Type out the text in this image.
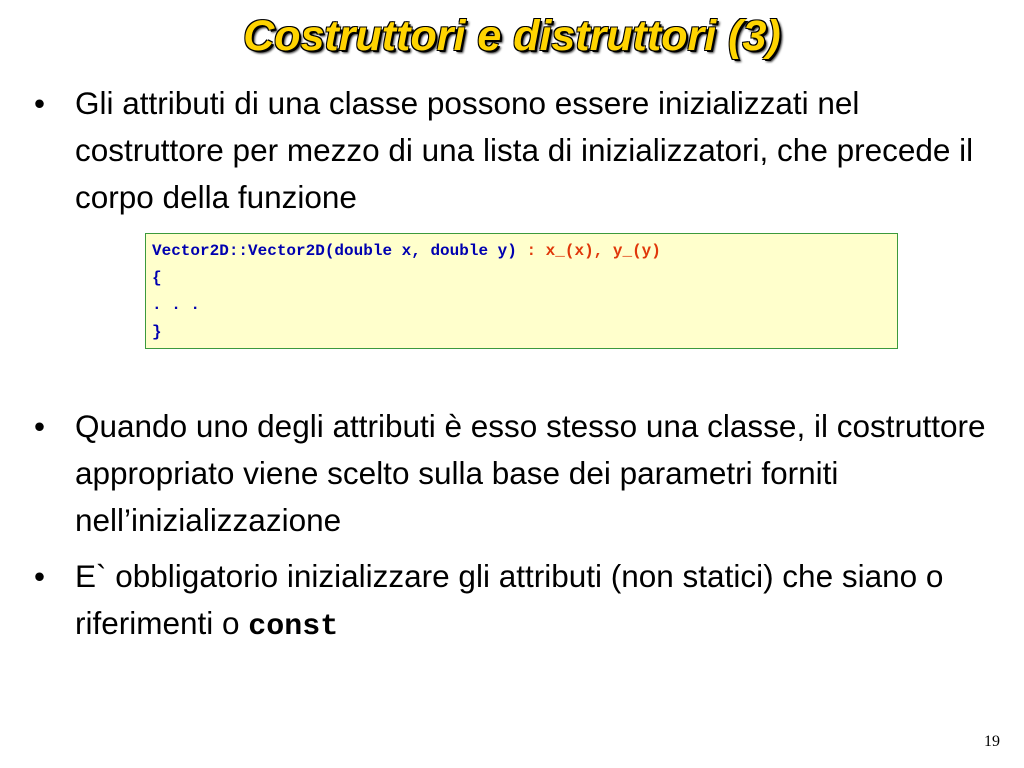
Costruttori e distruttori (3)
• Gli attributi di una classe possono essere inizializzati nel costruttore per mezzo di una lista di inizializzatori, che precede il corpo della funzione
Vector2D::Vector2D(double x, double y) : x_(x), y_(y)
{
. . .
}
• Quando uno degli attributi è esso stesso una classe, il costruttore appropriato viene scelto sulla base dei parametri forniti nell’inizializzazione
• E` obbligatorio inizializzare gli attributi (non statici) che siano o riferimenti o const
19
